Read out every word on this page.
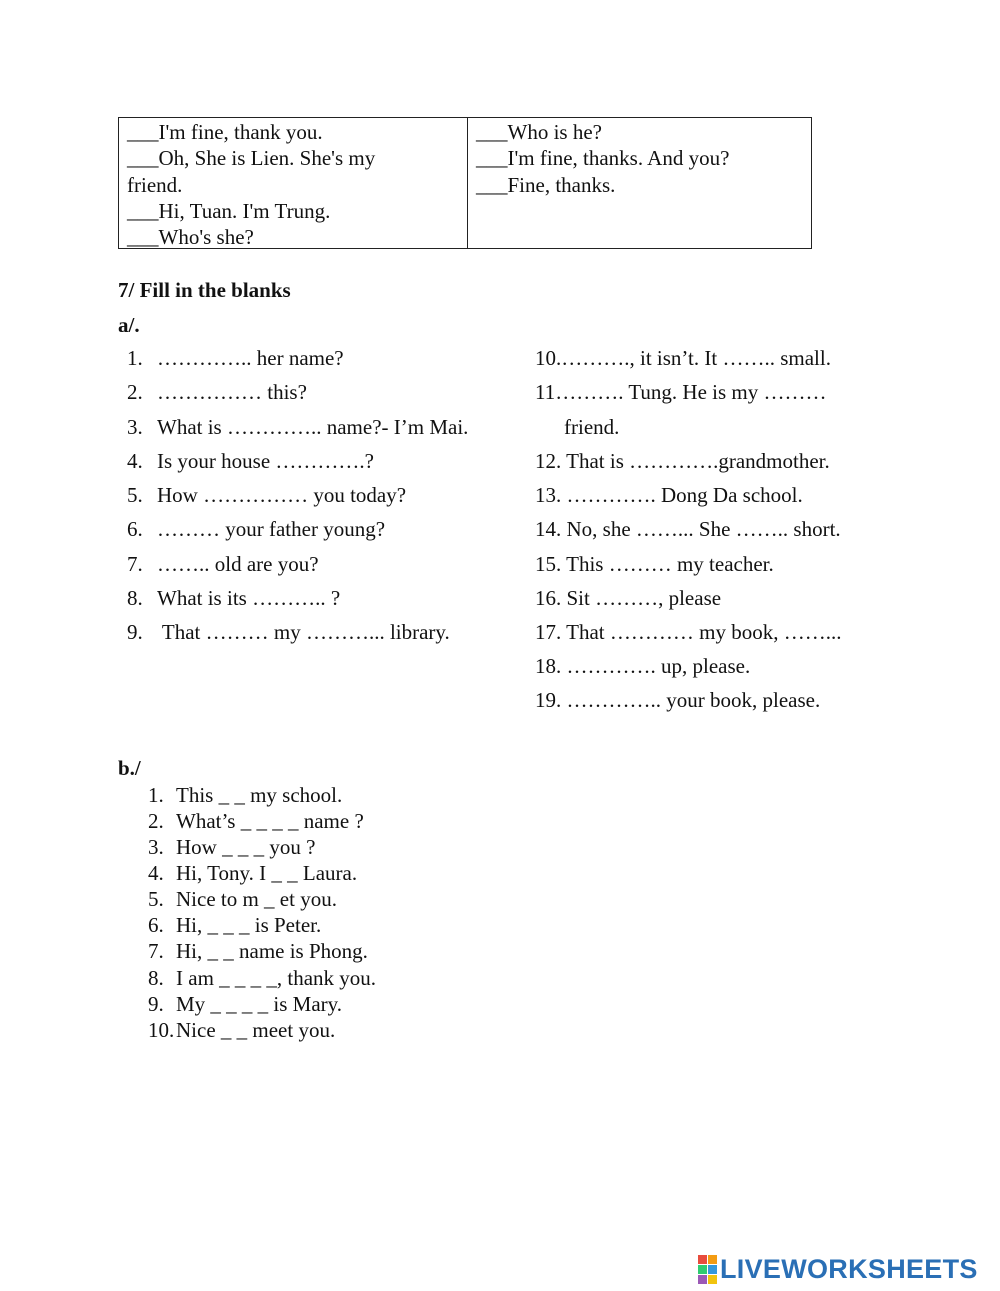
___I'm fine, thank you.
___Oh, She is Lien. She's my
friend.
___Hi, Tuan. I'm Trung.
___Who's she?
___Who is he?
___I'm fine, thanks. And you?
___Fine, thanks.
7/ Fill in the blanks
a/.
1. ………….. her name?
2. …………… this?
3. What is ………….. name?- I’m Mai.
4. Is your house ………….?
5. How …………… you today?
6. ……… your father young?
7. …….. old are you?
8. What is its ……….. ?
9. That ……… my ………... library.
10.………., it isn’t. It …….. small.
11………. Tung. He is my ………
friend.
12. That is ………….grandmother.
13. …………. Dong Da school.
14. No, she ……... She …….. short.
15. This ……… my teacher.
16. Sit ………, please
17. That ………… my book, ……...
18. …………. up, please.
19. ………….. your book, please.
b./
1. This _ _ my school.
2. What’s _ _ _ _ name ?
3. How _ _ _ you ?
4. Hi, Tony. I _ _ Laura.
5. Nice to m _ et you.
6. Hi, _ _ _ is Peter.
7. Hi, _ _ name is Phong.
8. I am _ _ _ _, thank you.
9. My _ _ _ _ is Mary.
10.Nice _ _ meet you.
LIVEWORKSHEETS
